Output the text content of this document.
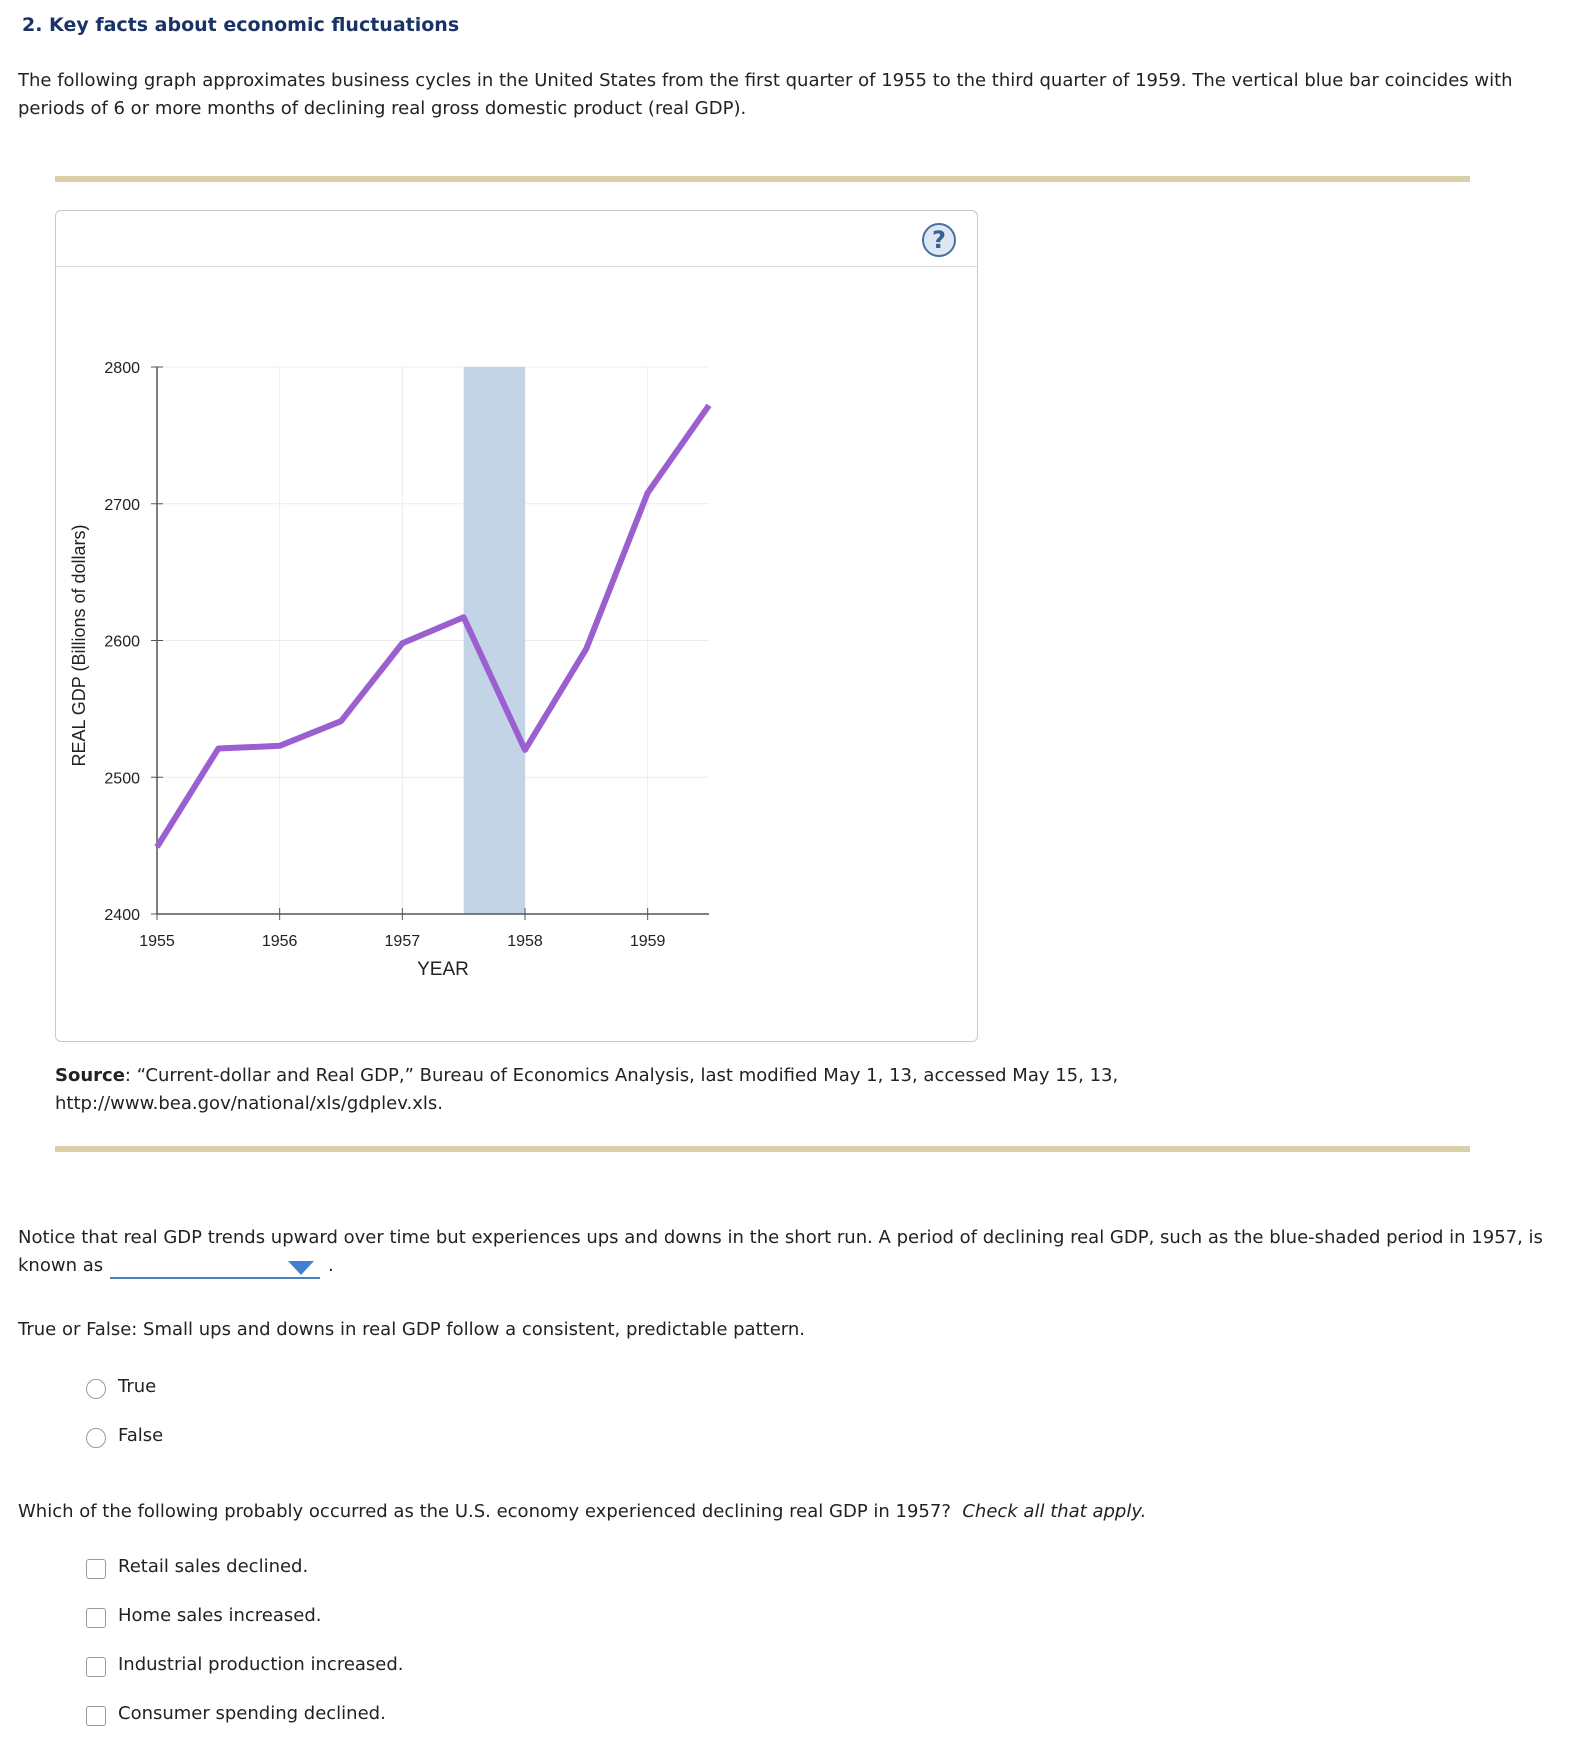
2. Key facts about economic fluctuations
The following graph approximates business cycles in the United States from the first quarter of 1955 to the third quarter of 1959. The vertical blue bar coincides with
periods of 6 or more months of declining real gross domestic product (real GDP).
?
2800
2700
2600
2500
2400
1955	1956	1957	1958	1959
YEAR
REAL GDP (Billions of dollars)
Source: “Current-dollar and Real GDP,” Bureau of Economics Analysis, last modified May 1, 13, accessed May 15, 13,
http://www.bea.gov/national/xls/gdplev.xls.
Notice that real GDP trends upward over time but experiences ups and downs in the short run. A period of declining real GDP, such as the blue-shaded period in 1957, is
known as	.
True or False: Small ups and downs in real GDP follow a consistent, predictable pattern.
True
False
Which of the following probably occurred as the U.S. economy experienced declining real GDP in 1957? Check all that apply.
Retail sales declined.
Home sales increased.
Industrial production increased.
Consumer spending declined.
